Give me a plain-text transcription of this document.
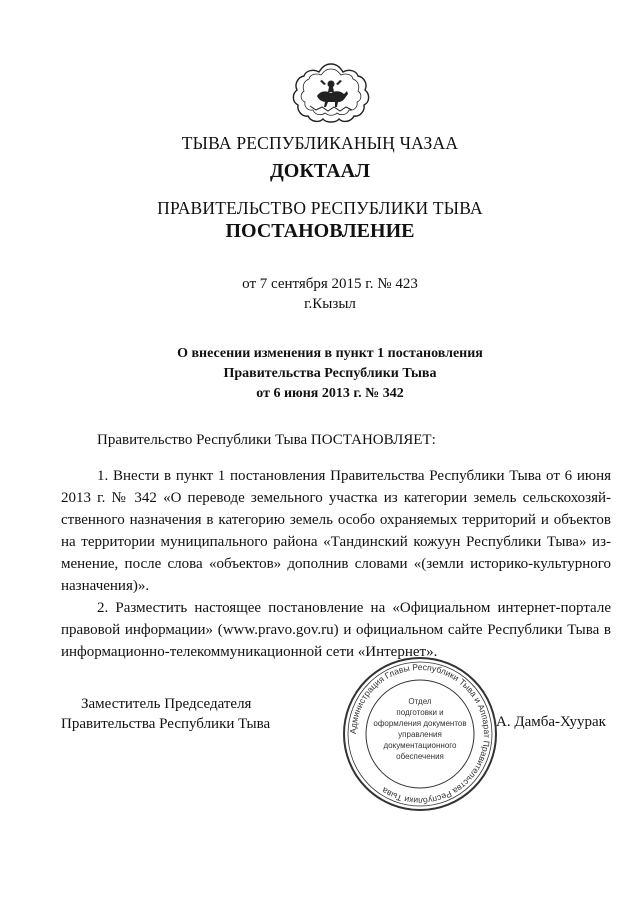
ТЫВА РЕСПУБЛИКАНЫҢ ЧАЗАА
ДОКТААЛ
ПРАВИТЕЛЬСТВО РЕСПУБЛИКИ ТЫВА
ПОСТАНОВЛЕНИЕ
от 7 сентября 2015 г. № 423
г.Кызыл
О внесении изменения в пункт 1 постановления
Правительства Республики Тыва
от 6 июня 2013 г. № 342
Правительство Республики Тыва ПОСТАНОВЛЯЕТ:
1. Внести в пункт 1 постановления Правительства Республики Тыва от 6 июня
2013 г. № 342 «О переводе земельного участка из категории земель сельскохозяй-
ственного назначения в категорию земель особо охраняемых территорий и объектов
на территории муниципального района «Тандинский кожуун Республики Тыва» из-
менение, после слова «объектов» дополнив словами «(земли историко-культурного
назначения)».
2. Разместить настоящее постановление на «Официальном интернет-портале
правовой информации» (www.pravo.gov.ru) и официальном сайте Республики Тыва в
информационно-телекоммуникационной сети «Интернет».
Заместитель Председателя
Правительства Республики Тыва	Администрация Главы Республики Тыва и Аппарат Правительства Республики Тыва
Отдел
подготовки и
оформления документов
управления
документационного
обеспечения
А. Дамба-Хуурак
